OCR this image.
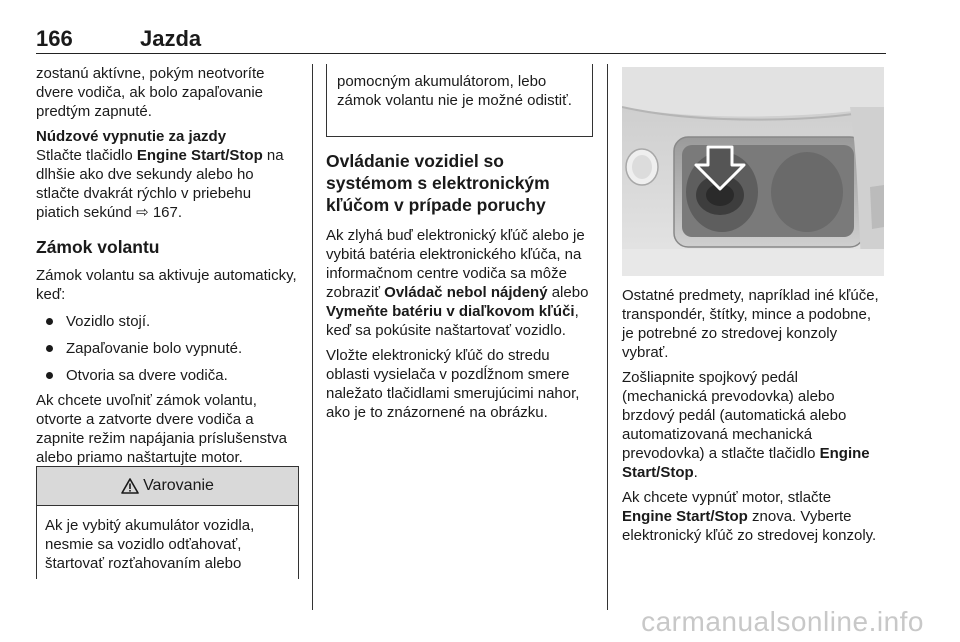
166	Jazda

zostanú aktívne, pokým neotvoríte dvere vodiča, ak bolo zapaľovanie predtým zapnuté.

Núdzové vypnutie za jazdy
Stlačte tlačidlo Engine Start/Stop na dlhšie ako dve sekundy alebo ho stlačte dvakrát rýchlo v priebehu piatich sekúnd ⇨ 167.

Zámok volantu

Zámok volantu sa aktivuje automaticky, keď:

Vozidlo stojí.
Zapaľovanie bolo vypnuté.
Otvoria sa dvere vodiča.

Ak chcete uvoľniť zámok volantu, otvorte a zatvorte dvere vodiča a zapnite režim napájania príslušenstva alebo priamo naštartujte motor.

Varovanie
Ak je vybitý akumulátor vozidla, nesmie sa vozidlo odťahovať, štartovať rozťahovaním alebo
pomocným akumulátorom, lebo zámok volantu nie je možné odistiť.

Ovládanie vozidiel so systémom s elektronickým kľúčom v prípade poruchy

Ak zlyhá buď elektronický kľúč alebo je vybitá batéria elektronického kľúča, na informačnom centre vodiča sa môže zobraziť Ovládač nebol nájdený alebo Vymeňte batériu v diaľkovom kľúči, keď sa pokúsite naštartovať vozidlo.

Vložte elektronický kľúč do stredu oblasti vysielača v pozdĺžnom smere naležato tlačidlami smerujúcimi nahor, ako je to znázornené na obrázku.

Ostatné predmety, napríklad iné kľúče, transpondér, štítky, mince a podobne, je potrebné zo stredovej konzoly vybrať.

Zošliapnite spojkový pedál (mechanická prevodovka) alebo brzdový pedál (automatická alebo automatizovaná mechanická prevodovka) a stlačte tlačidlo Engine Start/Stop.

Ak chcete vypnúť motor, stlačte Engine Start/Stop znova. Vyberte elektronický kľúč zo stredovej konzoly.

carmanualsonline.info
